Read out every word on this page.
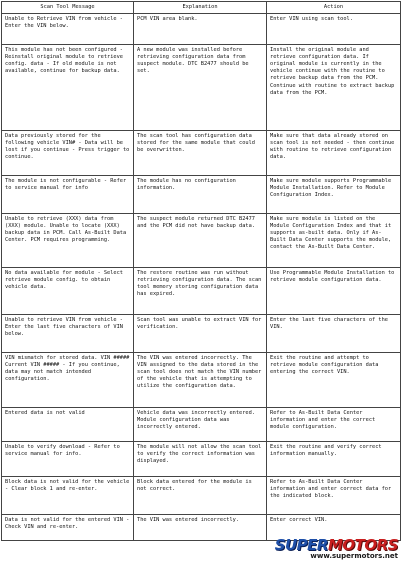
Scan Tool Message	Explanation	Action
Unable to Retrieve VIN from vehicle - Enter the VIN below.	PCM VIN area blank.	Enter VIN using scan tool.
This module has not been configured - Reinstall original module to retrieve config. data - If old module is not available, continue for backup data.	A new module was installed before retrieving configuration data from suspect module. DTC B2477 should be set.	Install the original module and retrieve configuration data. If original module is currently in the vehicle continue with the routine to retrieve backup data from the PCM. Continue with routine to extract backup data from the PCM.
Data previously stored for the following vehicle VIN# - Data will be lost if you continue - Press trigger to continue.	The scan tool has configuration data stored for the same module that could be overwritten.	Make sure that data already stored on scan tool is not needed - then continue with routine to retrieve configuration data.
The module is not configurable - Refer to service manual for info	The module has no configuration information.	Make sure module supports Programmable Module Installation. Refer to Module Configuration Index.
Unable to retrieve (XXX) data from (XXX) module. Unable to locate (XXX) backup data in PCM. Call As-Built Data Center. PCM requires programming.	The suspect module returned DTC B2477 and the PCM did not have backup data.	Make sure module is listed on the Module Configuration Index and that it supports as-built data. Only if As-Built Data Center supports the module, contact the As-Built Data Center.
No data available for module - Select retrieve module config. to obtain vehicle data.	The restore routine was run without retrieving configuration data. The scan tool memory storing configuration data has expired.	Use Programmable Module Installation to retrieve module configuration data.
Unable to retrieve VIN from vehicle - Enter the last five characters of VIN below.	Scan tool was unable to extract VIN for verification.	Enter the last five characters of the VIN.
VIN mismatch for stored data. VIN ##### Current VIN ##### - If you continue, data may not match intended configuration.	The VIN was entered incorrectly. The VIN assigned to the data stored in the scan tool does not match the VIN number of the vehicle that is attempting to utilize the configuration data.	Exit the routine and attempt to retrieve module configuration data entering the correct VIN.
Entered data is not valid	Vehicle data was incorrectly entered. Module configuration data was incorrectly entered.	Refer to As-Built Data Center information and enter the correct module configuration.
Unable to verify download - Refer to service manual for info.	The module will not allow the scan tool to verify the correct information was displayed.	Exit the routine and verify correct information manually.
Block data is not valid for the vehicle - Clear block 1 and re-enter.	Block data entered for the module is not correct.	Refer to As-Built Data Center information and enter correct data for the indicated block.
Data is not valid for the entered VIN - Check VIN and re-enter.	The VIN was entered incorrectly.	Enter correct VIN.
SUPERMOTORS
www.supermotors.net
